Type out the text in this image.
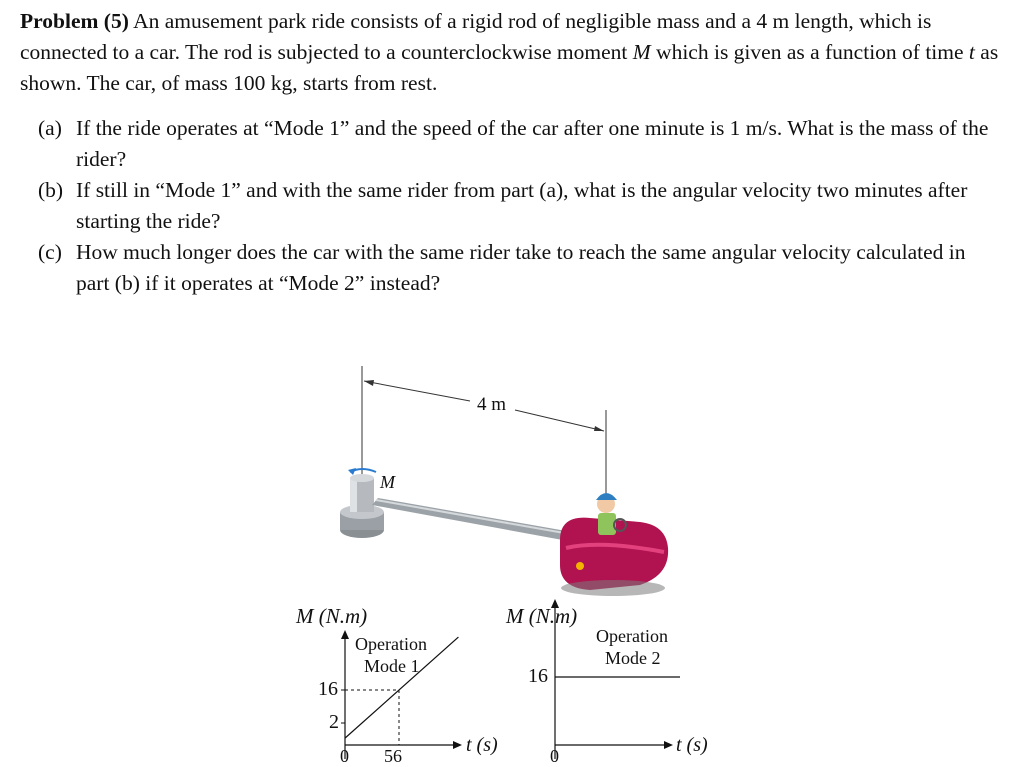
Problem (5) An amusement park ride consists of a rigid rod of negligible mass and a 4 m length, which is connected to a car. The rod is subjected to a counterclockwise moment M which is given as a function of time t as shown. The car, of mass 100 kg, starts from rest.
(a) If the ride operates at “Mode 1” and the speed of the car after one minute is 1 m/s. What is the mass of the rider?
(b) If still in “Mode 1” and with the same rider from part (a), what is the angular velocity two minutes after starting the ride?
(c) How much longer does the car with the same rider take to reach the same angular velocity calculated in part (b) if it operates at “Mode 2” instead?
4 m
M
M (N.m)
Operation
Mode 1
16
2
0 56	t (s)
M (N.m)
Operation
Mode 2
16
0	t (s)
